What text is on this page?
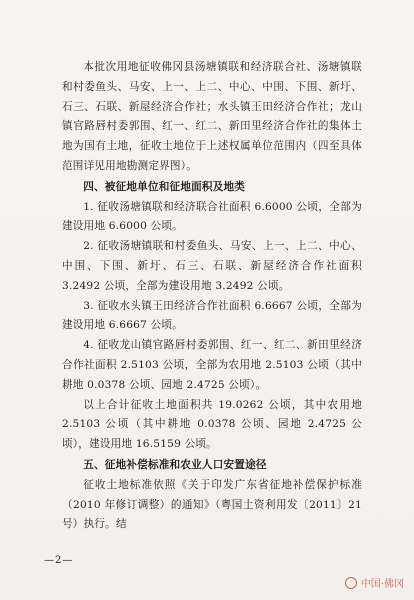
本批次用地征收佛冈县汤塘镇联和经济联合社、汤塘镇联和村委鱼头、马安、上一、上二、中心、中围、下围、新圩、石三、石联、新屋经济合作社；水头镇王田经济合作社；龙山镇官路唇村委郭围、红一、红二、新田里经济合作社的集体土地为国有土地，征收土地位于上述权属单位范围内（四至具体范围详见用地勘测定界图）。

四、被征地单位和征地面积及地类

1. 征收汤塘镇联和经济联合社面积 6.6000 公顷，全部为建设用地 6.6000 公顷。

2. 征收汤塘镇联和村委鱼头、马安、上一、上二、中心、中围、下围、新圩、石三、石联、新屋经济合作社面积 3.2492 公顷，全部为建设用地 3.2492 公顷。

3. 征收水头镇王田经济合作社面积 6.6667 公顷，全部为建设用地 6.6667 公顷。

4. 征收龙山镇官路唇村委郭围、红一、红二、新田里经济合作社面积 2.5103 公顷，全部为农用地 2.5103 公顷（其中耕地 0.0378 公顷、园地 2.4725 公顷）。

以上合计征收土地面积共 19.0262 公顷，其中农用地 2.5103 公顷（其中耕地 0.0378 公顷、园地 2.4725 公顷），建设用地 16.5159 公顷。

五、征地补偿标准和农业人口安置途径

征收土地标准依照《关于印发广东省征地补偿保护标准（2010 年修订调整）的通知》（粤国土资利用发〔2011〕21 号）执行。结

—2—
中国·佛冈
